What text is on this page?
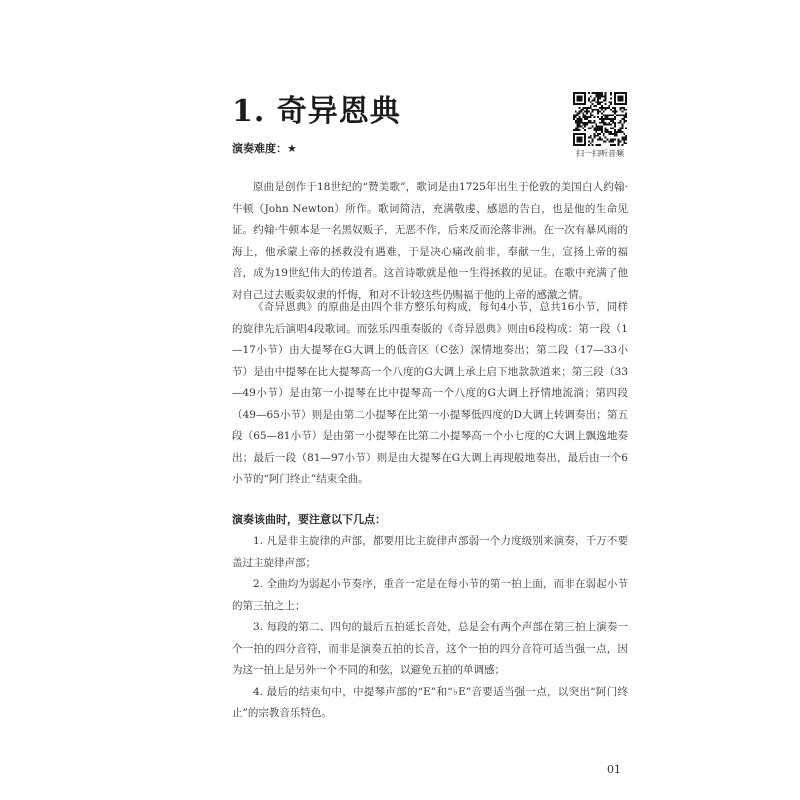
1. 奇异恩典
扫一扫听音频
演奏难度：★

原曲是创作于18世纪的“赞美歌”，歌词是由1725年出生于伦敦的美国白人约翰·牛顿（John Newton）所作。歌词简洁，充满敬虔、感恩的告白，也是他的生命见证。约翰·牛顿本是一名黑奴贩子，无恶不作，后来反而沦落非洲。在一次有暴风雨的海上，他承蒙上帝的拯救没有遇难，于是决心痛改前非，奉献一生，宣扬上帝的福音，成为19世纪伟大的传道者。这首诗歌就是他一生得拯救的见证。在歌中充满了他对自己过去贩卖奴隶的忏悔，和对不计较这些仍赐福于他的上帝的感激之情。

《奇异恩典》的原曲是由四个非方整乐句构成，每句4小节，总共16小节，同样的旋律先后演唱4段歌词。而弦乐四重奏版的《奇异恩典》则由6段构成：第一段（1—17小节）由大提琴在G大调上的低音区（C弦）深情地奏出；第二段（17—33小节）是由中提琴在比大提琴高一个八度的G大调上承上启下地款款道来；第三段（33—49小节）是由第一小提琴在比中提琴高一个八度的G大调上抒情地流淌；第四段（49—65小节）则是由第二小提琴在比第一小提琴低四度的D大调上转调奏出；第五段（65—81小节）是由第一小提琴在比第二小提琴高一个小七度的C大调上飘逸地奏出；最后一段（81—97小节）则是由大提琴在G大调上再现般地奏出，最后由一个6小节的“阿门终止”结束全曲。

演奏该曲时，要注意以下几点：

1. 凡是非主旋律的声部，都要用比主旋律声部弱一个力度级别来演奏，千万不要盖过主旋律声部；

2. 全曲均为弱起小节奏序，重音一定是在每小节的第一拍上面，而非在弱起小节的第三拍之上；

3. 每段的第二、四句的最后五拍延长音处，总是会有两个声部在第三拍上演奏一个一拍的四分音符，而非是演奏五拍的长音，这个一拍的四分音符可适当强一点，因为这一拍上是另外一个不同的和弦，以避免五拍的单调感；

4. 最后的结束句中，中提琴声部的“E”和“♭E”音要适当强一点，以突出“阿门终止”的宗教音乐特色。

01
